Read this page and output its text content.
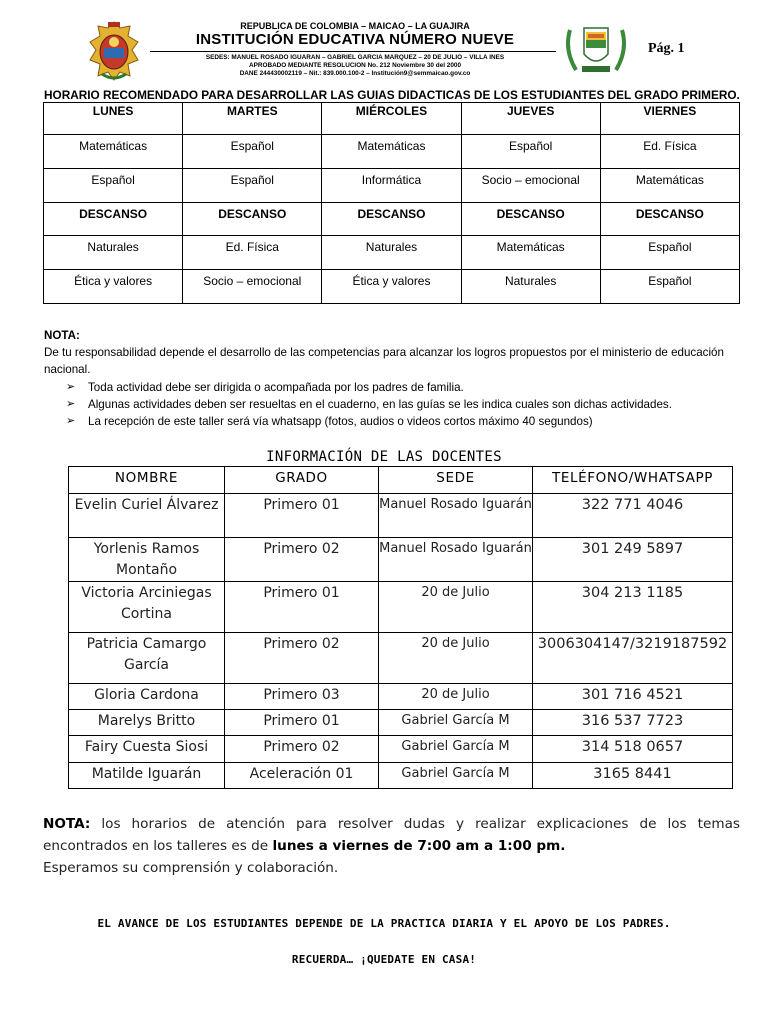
REPUBLICA DE COLOMBIA – MAICAO – LA GUAJIRA
INSTITUCIÓN EDUCATIVA NÚMERO NUEVE
SEDES: MANUEL ROSADO IGUARAN – GABRIEL GARCIA MARQUEZ – 20 DE JULIO – VILLA INES
APROBADO MEDIANTE RESOLUCION No. 212 Noviembre 30 del 2000
DANE 244430002119 – Nit.: 839.000.100-2 – Institución9@semmaicao.gov.co
Pág. 1
HORARIO RECOMENDADO PARA DESARROLLAR LAS GUIAS DIDACTICAS DE LOS ESTUDIANTES DEL GRADO PRIMERO.
LUNES	MARTES	MIÉRCOLES	JUEVES	VIERNES
Matemáticas	Español	Matemáticas	Español	Ed. Física
Español	Español	Informática	Socio – emocional	Matemáticas
DESCANSO	DESCANSO	DESCANSO	DESCANSO	DESCANSO
Naturales	Ed. Física	Naturales	Matemáticas	Español
Ética y valores	Socio – emocional	Ética y valores	Naturales	Español
NOTA:
De tu responsabilidad depende el desarrollo de las competencias para alcanzar los logros propuestos por el ministerio de educación nacional.
➢ Toda actividad debe ser dirigida o acompañada por los padres de familia.
➢ Algunas actividades deben ser resueltas en el cuaderno, en las guías se les indica cuales son dichas actividades.
➢ La recepción de este taller será vía whatsapp (fotos, audios o videos cortos máximo 40 segundos)
INFORMACIÓN DE LAS DOCENTES
NOMBRE	GRADO	SEDE	TELÉFONO/WHATSAPP
Evelin Curiel Álvarez	Primero 01	Manuel Rosado Iguarán	322 771 4046
Yorlenis Ramos Montaño	Primero 02	Manuel Rosado Iguarán	301 249 5897
Victoria Arciniegas Cortina	Primero 01	20 de Julio	304 213 1185
Patricia Camargo García	Primero 02	20 de Julio	3006304147/3219187592
Gloria Cardona	Primero 03	20 de Julio	301 716 4521
Marelys Britto	Primero 01	Gabriel García M	316 537 7723
Fairy Cuesta Siosi	Primero 02	Gabriel García M	314 518 0657
Matilde Iguarán	Aceleración 01	Gabriel García M	3165 8441
NOTA: los horarios de atención para resolver dudas y realizar explicaciones de los temas encontrados en los talleres es de lunes a viernes de 7:00 am a 1:00 pm.
Esperamos su comprensión y colaboración.
EL AVANCE DE LOS ESTUDIANTES DEPENDE DE LA PRACTICA DIARIA Y EL APOYO DE LOS PADRES.
RECUERDA… ¡QUEDATE EN CASA!
